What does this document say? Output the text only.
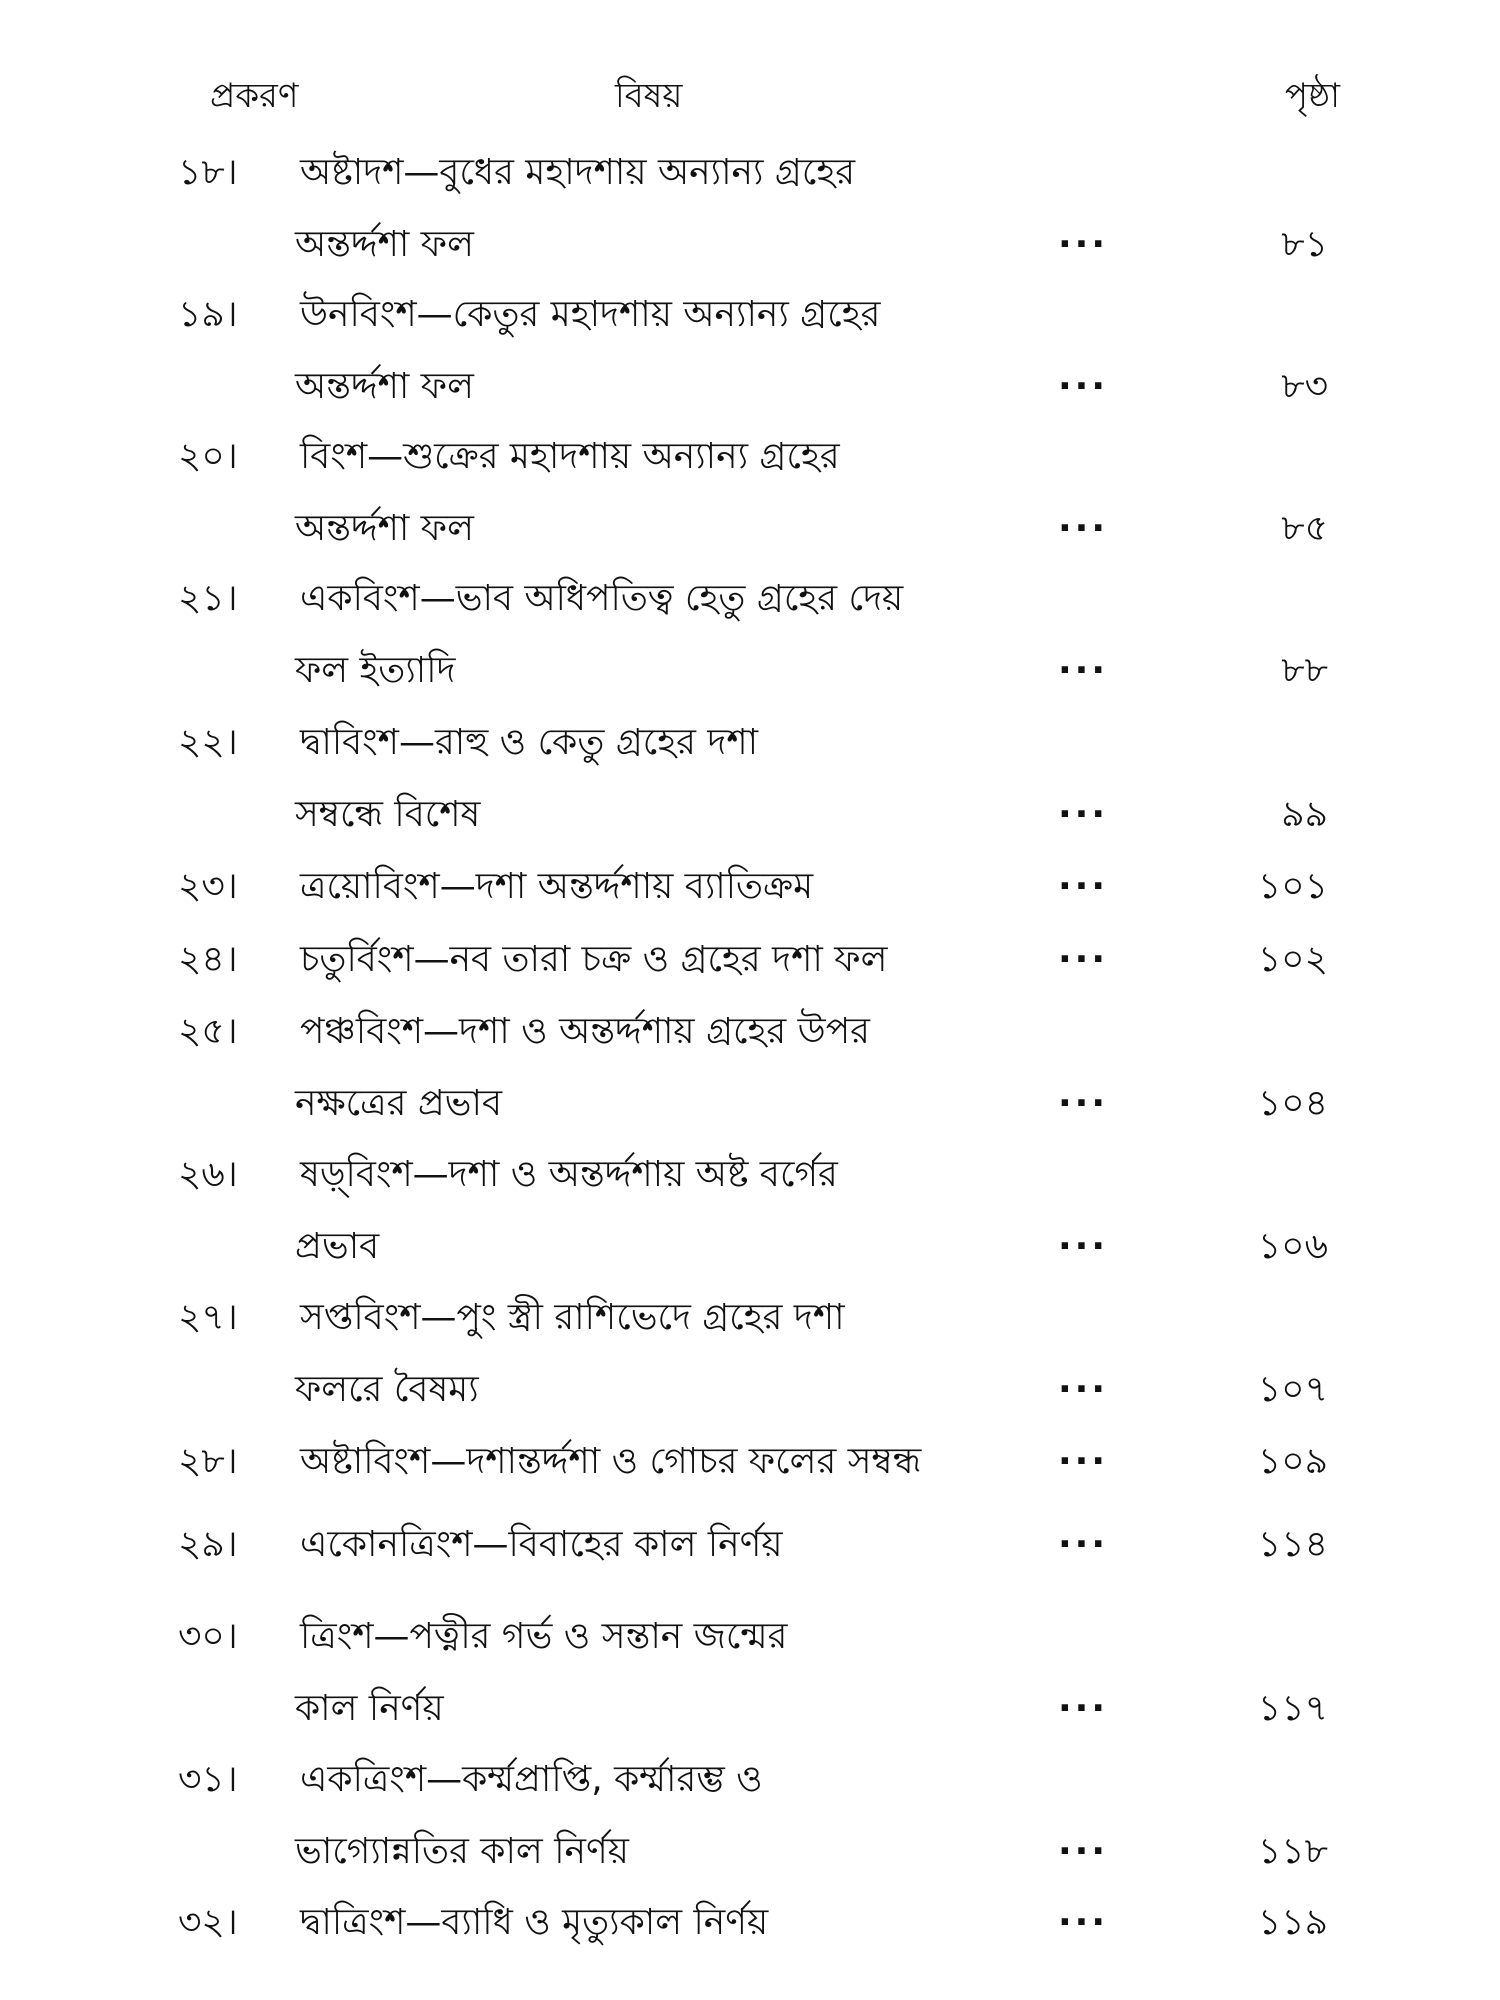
প্রকরণ	বিষয়	পৃষ্ঠা
১৮। অষ্টাদশ—বুধের মহাদশায় অন্যান্য গ্রহের
অন্তর্দ্দশা ফল	···	৮১
১৯। উনবিংশ—কেতুর মহাদশায় অন্যান্য গ্রহের
অন্তর্দ্দশা ফল	···	৮৩
২০। বিংশ—শুক্রের মহাদশায় অন্যান্য গ্রহের
অন্তর্দ্দশা ফল	···	৮৫
২১। একবিংশ—ভাব অধিপতিত্ব হেতু গ্রহের দেয়
ফল ইত্যাদি	···	৮৮
২২। দ্বাবিংশ—রাহু ও কেতু গ্রহের দশা
সম্বন্ধে বিশেষ	···	৯৯
২৩। ত্রয়োবিংশ—দশা অন্তর্দ্দশায় ব্যাতিক্রম	···	১০১
২৪। চতুর্বিংশ—নব তারা চক্র ও গ্রহের দশা ফল	···	১০২
২৫। পঞ্চবিংশ—দশা ও অন্তর্দ্দশায় গ্রহের উপর
নক্ষত্রের প্রভাব	···	১০৪
২৬। ষড়্‌বিংশ—দশা ও অন্তর্দ্দশায় অষ্ট বর্গের
প্রভাব	···	১০৬
২৭। সপ্তবিংশ—পুং স্ত্রী রাশিভেদে গ্রহের দশা
ফলরে বৈষম্য	···	১০৭
২৮। অষ্টাবিংশ—দশান্তর্দ্দশা ও গোচর ফলের সম্বন্ধ	···	১০৯
২৯। একোনত্রিংশ—বিবাহের কাল নির্ণয়	···	১১৪
৩০। ত্রিংশ—পত্নীর গর্ভ ও সন্তান জন্মের
কাল নির্ণয়	···	১১৭
৩১। একত্রিংশ—কর্ম্মপ্রাপ্তি, কর্ম্মারম্ভ ও
ভাগ্যোন্নতির কাল নির্ণয়	···	১১৮
৩২। দ্বাত্রিংশ—ব্যাধি ও মৃত্যুকাল নির্ণয়	···	১১৯
